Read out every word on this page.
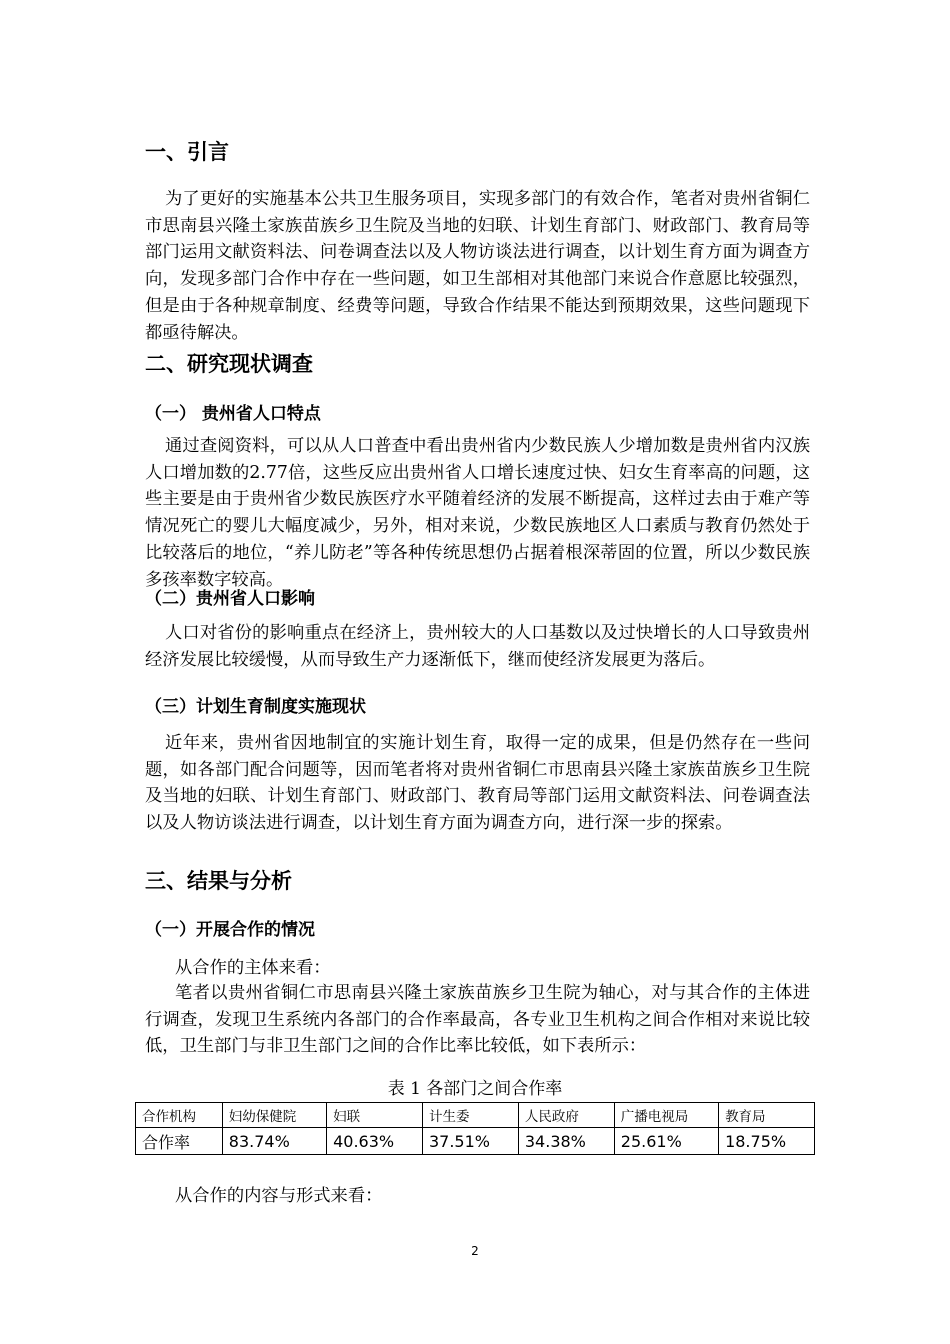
一、引言

为了更好的实施基本公共卫生服务项目，实现多部门的有效合作，笔者对贵州省铜仁市思南县兴隆土家族苗族乡卫生院及当地的妇联、计划生育部门、财政部门、教育局等部门运用文献资料法、问卷调查法以及人物访谈法进行调查，以计划生育方面为调查方向，发现多部门合作中存在一些问题，如卫生部相对其他部门来说合作意愿比较强烈，但是由于各种规章制度、经费等问题，导致合作结果不能达到预期效果，这些问题现下都亟待解决。

二、研究现状调查
（一） 贵州省人口特点

通过查阅资料，可以从人口普查中看出贵州省内少数民族人少增加数是贵州省内汉族人口增加数的2.77倍，这些反应出贵州省人口增长速度过快、妇女生育率高的问题，这些主要是由于贵州省少数民族医疗水平随着经济的发展不断提高，这样过去由于难产等情况死亡的婴儿大幅度减少，另外，相对来说，少数民族地区人口素质与教育仍然处于比较落后的地位，“养儿防老”等各种传统思想仍占据着根深蒂固的位置，所以少数民族多孩率数字较高。

（二）贵州省人口影响

人口对省份的影响重点在经济上，贵州较大的人口基数以及过快增长的人口导致贵州经济发展比较缓慢，从而导致生产力逐渐低下，继而使经济发展更为落后。

（三）计划生育制度实施现状

近年来，贵州省因地制宜的实施计划生育，取得一定的成果，但是仍然存在一些问题，如各部门配合问题等，因而笔者将对贵州省铜仁市思南县兴隆土家族苗族乡卫生院及当地的妇联、计划生育部门、财政部门、教育局等部门运用文献资料法、问卷调查法以及人物访谈法进行调查，以计划生育方面为调查方向，进行深一步的探索。

三、结果与分析
（一）开展合作的情况

从合作的主体来看：

笔者以贵州省铜仁市思南县兴隆土家族苗族乡卫生院为轴心，对与其合作的主体进行调查，发现卫生系统内各部门的合作率最高，各专业卫生机构之间合作相对来说比较低，卫生部门与非卫生部门之间的合作比率比较低，如下表所示：

表 1 各部门之间合作率
合作机构	妇幼保健院	妇联	计生委	人民政府	广播电视局	教育局
合作率	83.74%	40.63%	37.51%	34.38%	25.61%	18.75%

从合作的内容与形式来看：

2
